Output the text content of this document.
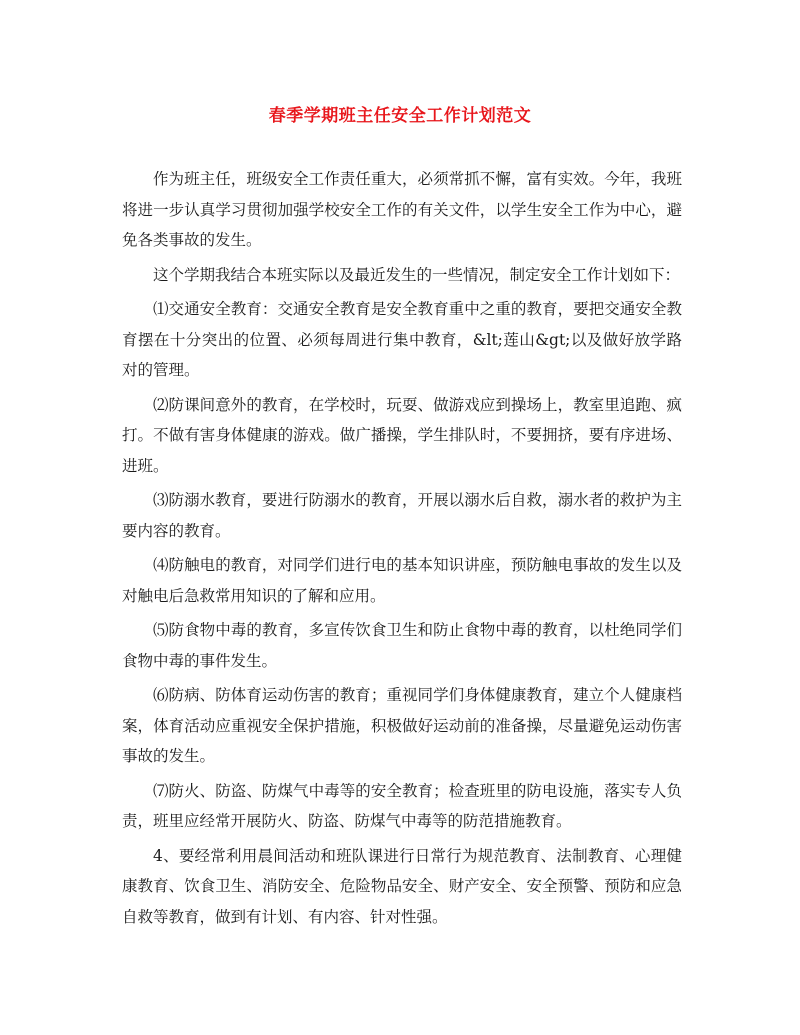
春季学期班主任安全工作计划范文

作为班主任，班级安全工作责任重大，必须常抓不懈，富有实效。今年，我班将进一步认真学习贯彻加强学校安全工作的有关文件，以学生安全工作为中心，避免各类事故的发生。

这个学期我结合本班实际以及最近发生的一些情况，制定安全工作计划如下：

⑴交通安全教育：交通安全教育是安全教育重中之重的教育，要把交通安全教育摆在十分突出的位置、必须每周进行集中教育，&lt;莲山&gt;以及做好放学路对的管理。

⑵防课间意外的教育，在学校时，玩耍、做游戏应到操场上，教室里追跑、疯打。不做有害身体健康的游戏。做广播操，学生排队时，不要拥挤，要有序进场、进班。

⑶防溺水教育，要进行防溺水的教育，开展以溺水后自救，溺水者的救护为主要内容的教育。

⑷防触电的教育，对同学们进行电的基本知识讲座，预防触电事故的发生以及对触电后急救常用知识的了解和应用。

⑸防食物中毒的教育，多宣传饮食卫生和防止食物中毒的教育，以杜绝同学们食物中毒的事件发生。

⑹防病、防体育运动伤害的教育；重视同学们身体健康教育，建立个人健康档案，体育活动应重视安全保护措施，积极做好运动前的准备操，尽量避免运动伤害事故的发生。

⑺防火、防盗、防煤气中毒等的安全教育；检查班里的防电设施，落实专人负责，班里应经常开展防火、防盗、防煤气中毒等的防范措施教育。

4、要经常利用晨间活动和班队课进行日常行为规范教育、法制教育、心理健康教育、饮食卫生、消防安全、危险物品安全、财产安全、安全预警、预防和应急自救等教育，做到有计划、有内容、针对性强。
